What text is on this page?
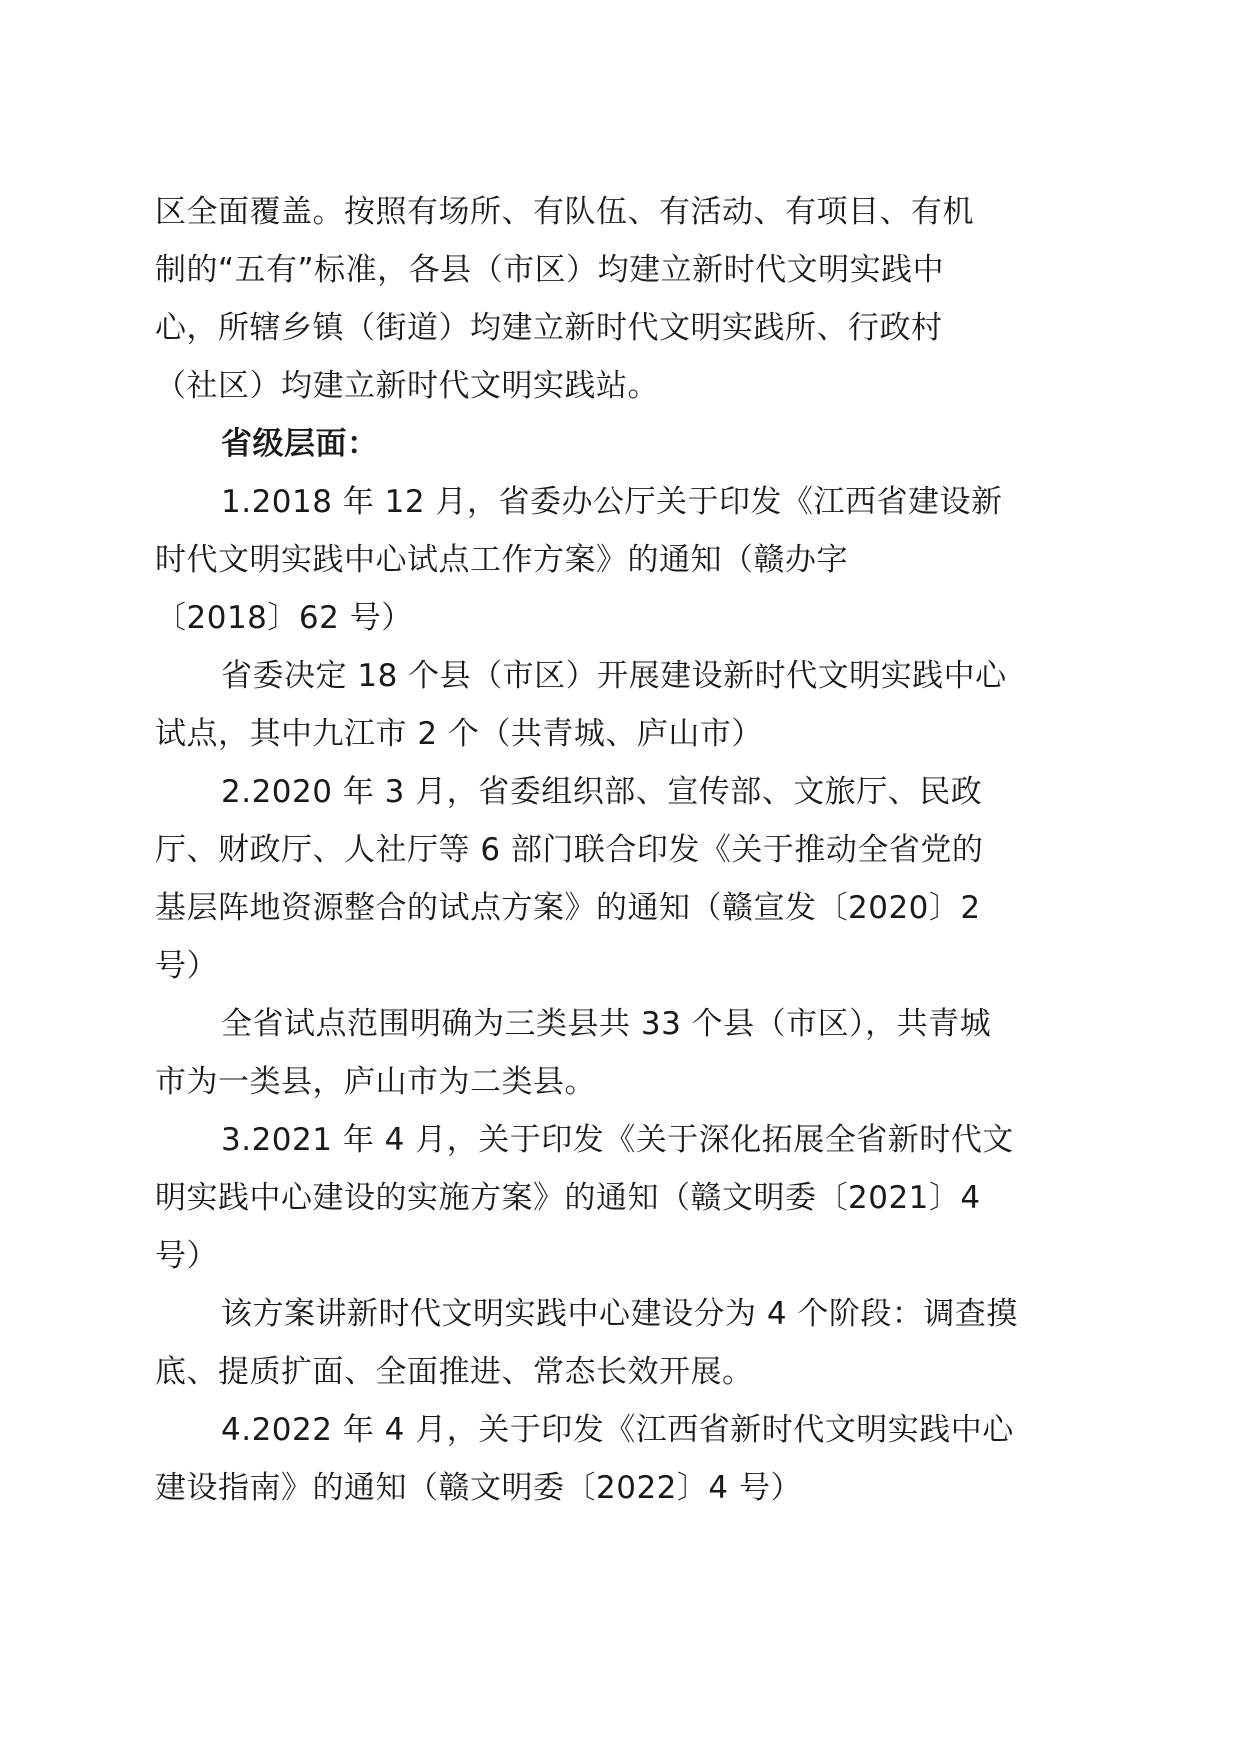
区全面覆盖。按照有场所、有队伍、有活动、有项目、有机
制的“五有”标准，各县（市区）均建立新时代文明实践中
心，所辖乡镇（街道）均建立新时代文明实践所、行政村
（社区）均建立新时代文明实践站。
省级层面：
1.2018 年 12 月，省委办公厅关于印发《江西省建设新
时代文明实践中心试点工作方案》的通知（赣办字
〔2018〕62 号）
省委决定 18 个县（市区）开展建设新时代文明实践中心
试点，其中九江市 2 个（共青城、庐山市）
2.2020 年 3 月，省委组织部、宣传部、文旅厅、民政
厅、财政厅、人社厅等 6 部门联合印发《关于推动全省党的
基层阵地资源整合的试点方案》的通知（赣宣发〔2020〕2
号）
全省试点范围明确为三类县共 33 个县（市区），共青城
市为一类县，庐山市为二类县。
3.2021 年 4 月，关于印发《关于深化拓展全省新时代文
明实践中心建设的实施方案》的通知（赣文明委〔2021〕4
号）
该方案讲新时代文明实践中心建设分为 4 个阶段：调查摸
底、提质扩面、全面推进、常态长效开展。
4.2022 年 4 月，关于印发《江西省新时代文明实践中心
建设指南》的通知（赣文明委〔2022〕4 号）
